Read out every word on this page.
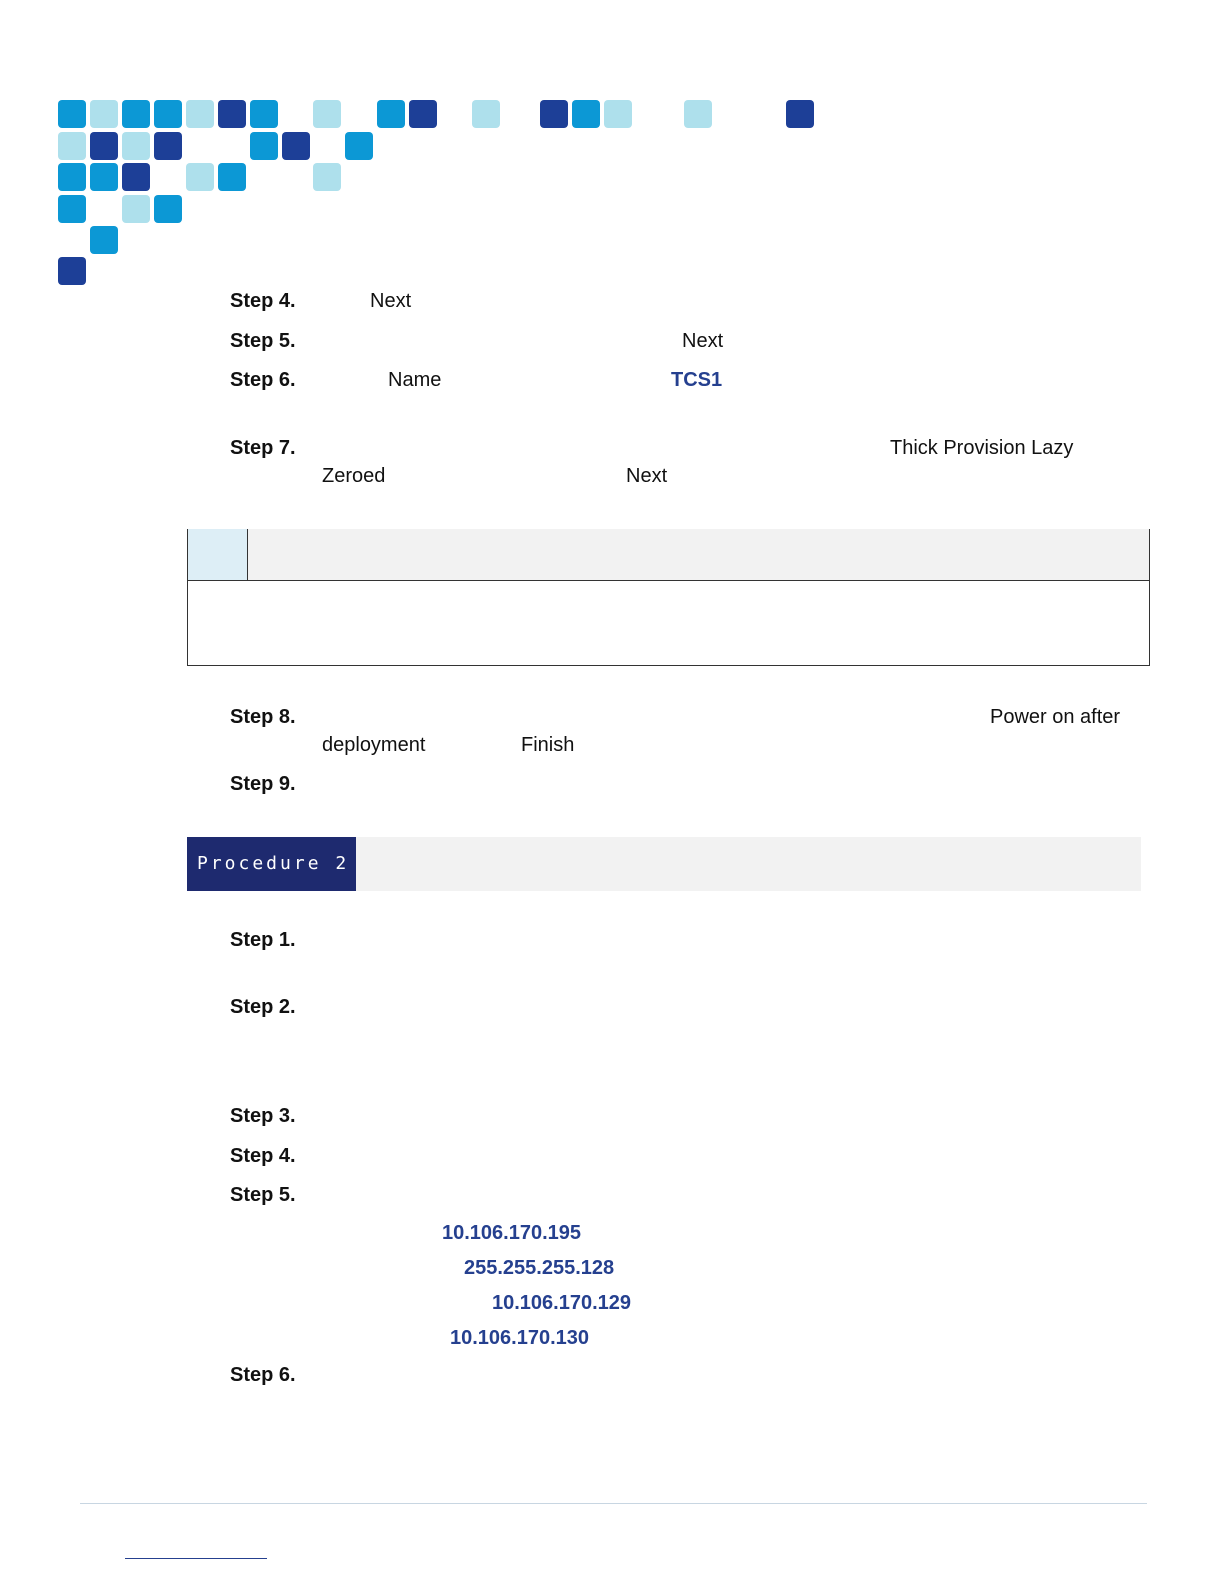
Step 4.	Next
Step 5.	Next
Step 6.	Name	TCS1
Step 7.	Thick Provision Lazy
Zeroed	Next
Step 8.	Power on after
deployment	Finish
Step 9.
Procedure 2
Step 1.
Step 2.
Step 3.
Step 4.
Step 5.
10.106.170.195
255.255.255.128
10.106.170.129
10.106.170.130
Step 6.
